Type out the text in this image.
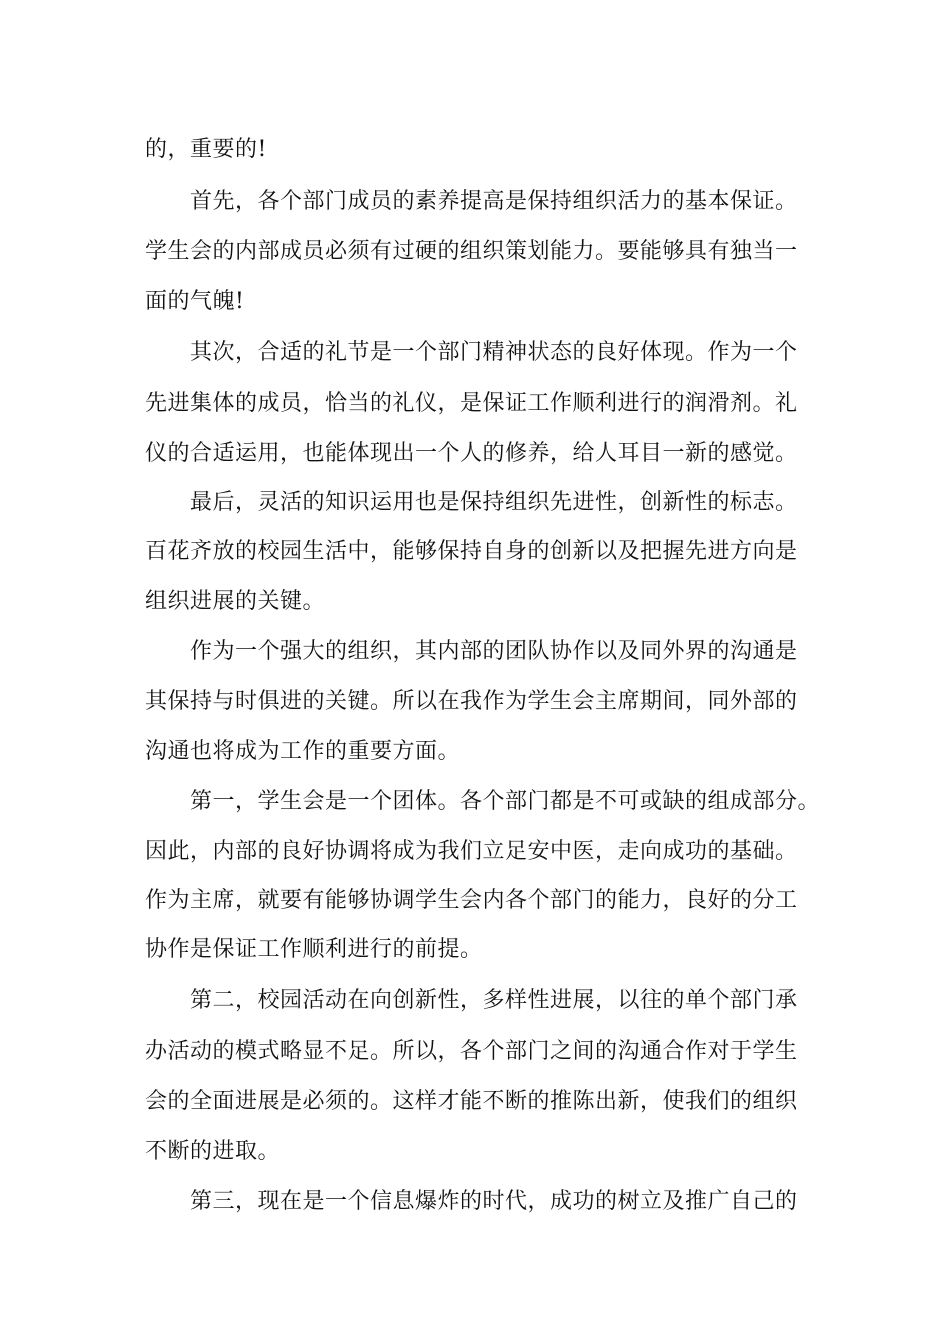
的，重要的!
首先，各个部门成员的素养提高是保持组织活力的基本保证。
学生会的内部成员必须有过硬的组织策划能力。要能够具有独当一
面的气魄!
其次，合适的礼节是一个部门精神状态的良好体现。作为一个
先进集体的成员，恰当的礼仪，是保证工作顺利进行的润滑剂。礼
仪的合适运用，也能体现出一个人的修养，给人耳目一新的感觉。
最后，灵活的知识运用也是保持组织先进性，创新性的标志。
百花齐放的校园生活中，能够保持自身的创新以及把握先进方向是
组织进展的关键。
作为一个强大的组织，其内部的团队协作以及同外界的沟通是
其保持与时俱进的关键。所以在我作为学生会主席期间，同外部的
沟通也将成为工作的重要方面。
第一，学生会是一个团体。各个部门都是不可或缺的组成部分。
因此，内部的良好协调将成为我们立足安中医，走向成功的基础。
作为主席，就要有能够协调学生会内各个部门的能力，良好的分工
协作是保证工作顺利进行的前提。
第二，校园活动在向创新性，多样性进展，以往的单个部门承
办活动的模式略显不足。所以，各个部门之间的沟通合作对于学生
会的全面进展是必须的。这样才能不断的推陈出新，使我们的组织
不断的进取。
第三，现在是一个信息爆炸的时代，成功的树立及推广自己的
